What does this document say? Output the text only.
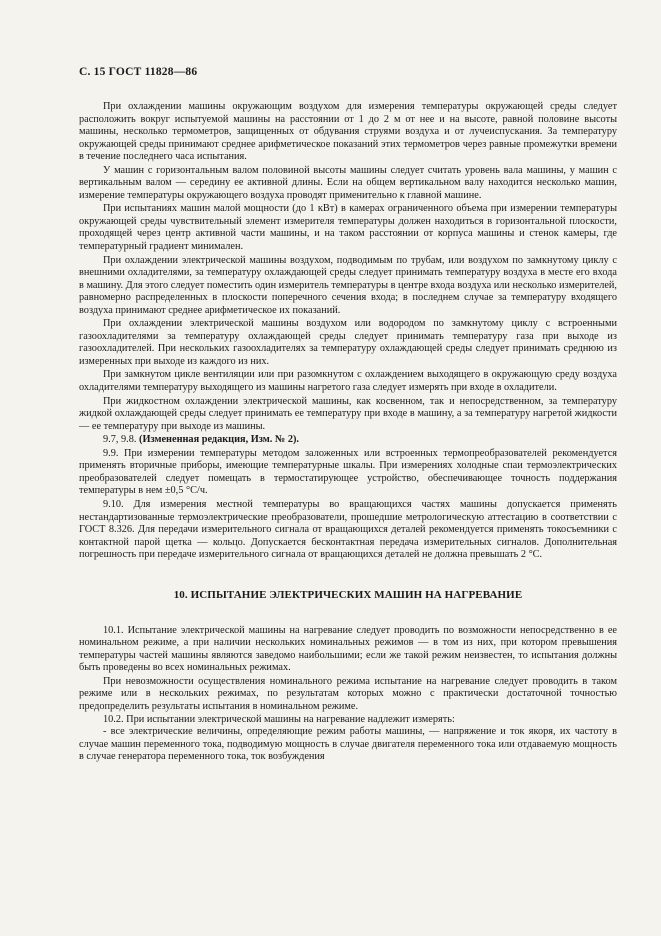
С. 15 ГОСТ 11828—86

При охлаждении машины окружающим воздухом для измерения температуры окружающей среды следует расположить вокруг испытуемой машины на расстоянии от 1 до 2 м от нее и на высоте, равной половине высоты машины, несколько термометров, защищенных от обдувания струями воздуха и от лучеиспускания. За температуру окружающей среды принимают среднее арифметическое показаний этих термометров через равные промежутки времени в течение последнего часа испытания.

У машин с горизонтальным валом половиной высоты машины следует считать уровень вала машины, у машин с вертикальным валом — середину ее активной длины. Если на общем вертикальном валу находится несколько машин, измерение температуры окружающего воздуха проводят применительно к главной машине.

При испытаниях машин малой мощности (до 1 кВт) в камерах ограниченного объема при измерении температуры окружающей среды чувствительный элемент измерителя температуры должен находиться в горизонтальной плоскости, проходящей через центр активной части машины, и на таком расстоянии от корпуса машины и стенок камеры, где температурный градиент минимален.

При охлаждении электрической машины воздухом, подводимым по трубам, или воздухом по замкнутому циклу с внешними охладителями, за температуру охлаждающей среды следует принимать температуру воздуха в месте его входа в машину. Для этого следует поместить один измеритель температуры в центре входа воздуха или несколько измерителей, равномерно распределенных в плоскости поперечного сечения входа; в последнем случае за температуру входящего воздуха принимают среднее арифметическое их показаний.

При охлаждении электрической машины воздухом или водородом по замкнутому циклу с встроенными газоохладителями за температуру охлаждающей среды следует принимать температуру газа при выходе из газоохладителей. При нескольких газоохладителях за температуру охлаждающей среды следует принимать среднюю из измеренных при выходе из каждого из них.

При замкнутом цикле вентиляции или при разомкнутом с охлаждением выходящего в окружающую среду воздуха охладителями температуру выходящего из машины нагретого газа следует измерять при входе в охладители.

При жидкостном охлаждении электрической машины, как косвенном, так и непосредственном, за температуру жидкой охлаждающей среды следует принимать ее температуру при входе в машину, а за температуру нагретой жидкости — ее температуру при выходе из машины.

9.7, 9.8. (Измененная редакция, Изм. № 2).

9.9. При измерении температуры методом заложенных или встроенных термопреобразователей рекомендуется применять вторичные приборы, имеющие температурные шкалы. При измерениях холодные спаи термоэлектрических преобразователей следует помещать в термостатирующее устройство, обеспечивающее точность поддержания температуры в нем ±0,5 °С/ч.

9.10. Для измерения местной температуры во вращающихся частях машины допускается применять нестандартизованные термоэлектрические преобразователи, прошедшие метрологическую аттестацию в соответствии с ГОСТ 8.326. Для передачи измерительного сигнала от вращающихся деталей рекомендуется применять токосъемники с контактной парой щетка — кольцо. Допускается бесконтактная передача измерительных сигналов. Дополнительная погрешность при передаче измерительного сигнала от вращающихся деталей не должна превышать 2 °С.

10. ИСПЫТАНИЕ ЭЛЕКТРИЧЕСКИХ МАШИН НА НАГРЕВАНИЕ

10.1. Испытание электрической машины на нагревание следует проводить по возможности непосредственно в ее номинальном режиме, а при наличии нескольких номинальных режимов — в том из них, при котором превышения температуры частей машины являются заведомо наибольшими; если же такой режим неизвестен, то испытания должны быть проведены во всех номинальных режимах.

При невозможности осуществления номинального режима испытание на нагревание следует проводить в таком режиме или в нескольких режимах, по результатам которых можно с практически достаточной точностью предопределить результаты испытания в номинальном режиме.

10.2. При испытании электрической машины на нагревание надлежит измерять:

- все электрические величины, определяющие режим работы машины, — напряжение и ток якоря, их частоту в случае машин переменного тока, подводимую мощность в случае двигателя переменного тока или отдаваемую мощность в случае генератора переменного тока, ток возбуждения
